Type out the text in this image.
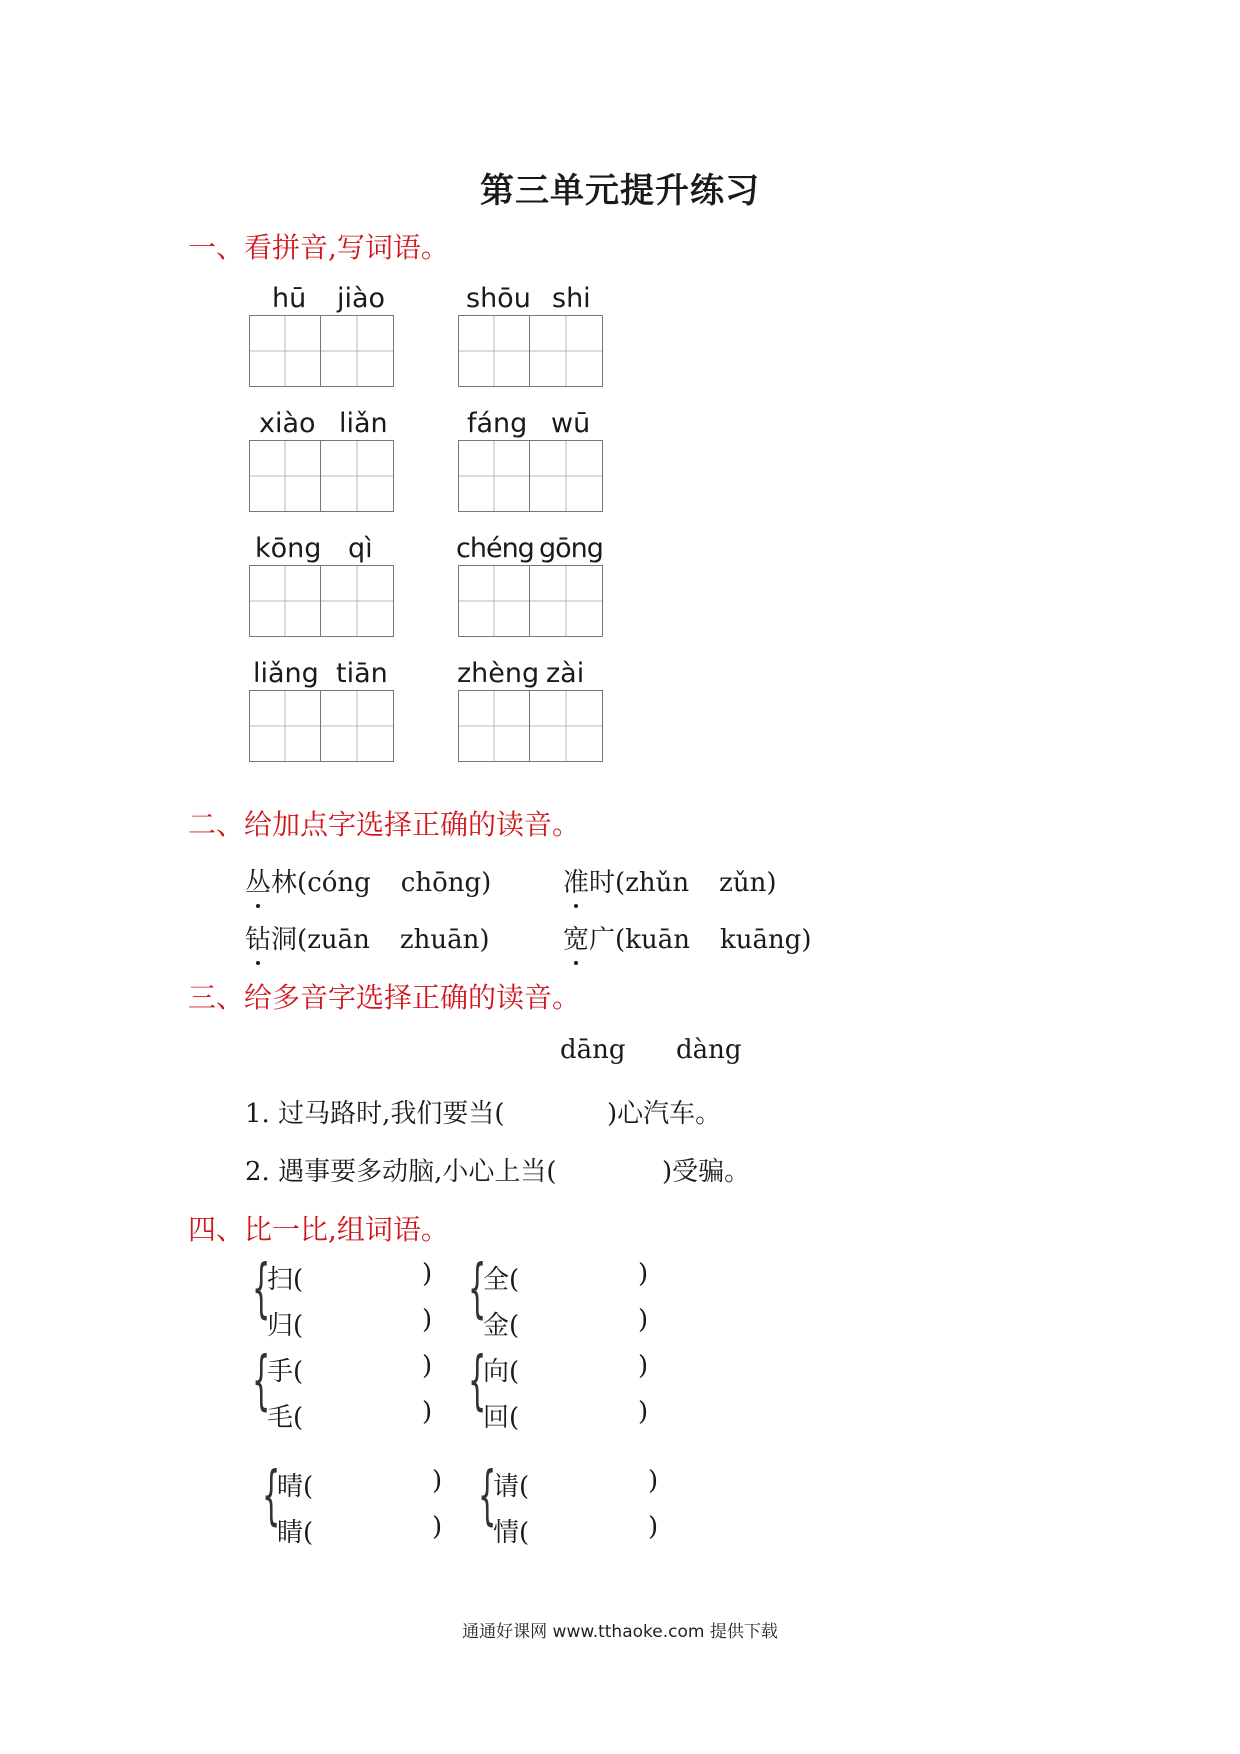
第三单元提升练习
一、看拼音,写词语。
hū jiào	shōu shi
xiào liǎn	fáng wū
kōng qì	chéng gōng
liǎng tiān	zhèng zài
二、给加点字选择正确的读音。
丛林(cóng chōng)	准时(zhǔn zǔn)
钻洞(zuān zhuān)	宽广(kuān kuāng)
三、给多音字选择正确的读音。
dāng dàng
1. 过马路时,我们要当(	)心汽车。
2. 遇事要多动脑,小心上当(	)受骗。
四、比一比,组词语。
{
扫(	)
归(	) {
全(	)
金(	)
{
手(	)
毛(	) {
向(	)
回(	)
{
晴(	)
睛(	) {
请(	)
情(	)
通通好课网 www.tthaoke.com 提供下载
